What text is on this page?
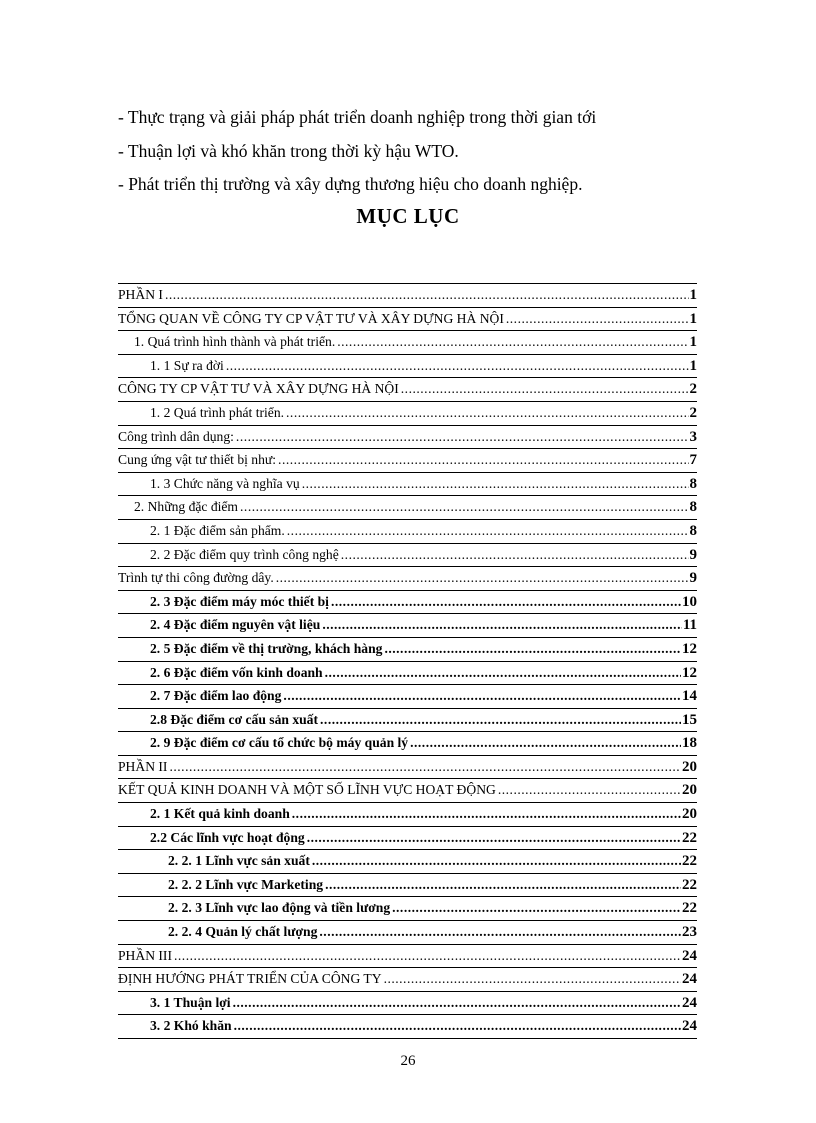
- Thực trạng và giải pháp phát triển doanh nghiệp trong thời gian tới

- Thuận lợi và khó khăn trong thời kỳ hậu WTO.

- Phát triển thị trường và xây dựng thương hiệu cho doanh nghiệp.

MỤC LỤC
PHẦN I .....	1
TỔNG QUAN VỀ CÔNG TY CP VẬT TƯ VÀ XÂY DỰNG HÀ NỘI .....	1
1. Quá trình hình thành và phát triển. .....	1
1. 1 Sự ra đời .....	1
CÔNG TY CP VẬT TƯ VÀ XÂY DỰNG HÀ NỘI .....	2
1. 2 Quá trình phát triển. .....	2
Công trình dân dụng: .....	3
Cung ứng vật tư thiết bị như: .....	7
1. 3 Chức năng và nghĩa vụ .....	8
2. Những đặc điểm .....	8
2. 1 Đặc điểm sản phẩm. .....	8
2. 2 Đặc điểm quy trình công nghệ .....	9
Trình tự thi công đường dây. .....	9
2. 3 Đặc điểm máy móc thiết bị .....	10
2. 4 Đặc điểm nguyên vật liệu .....	11
2. 5 Đặc điểm về thị trường, khách hàng .....	12
2. 6 Đặc điểm vốn kinh doanh .....	12
2. 7 Đặc điểm lao động .....	14
2.8 Đặc điểm cơ cấu sản xuất .....	15
2. 9 Đặc điểm cơ cấu tổ chức bộ máy quản lý .....	18
PHẦN II .....	20
KẾT QUẢ KINH DOANH VÀ MỘT SỐ LĨNH VỰC HOẠT ĐỘNG .....	20
2. 1 Kết quả kinh doanh .....	20
2.2 Các lĩnh vực hoạt động .....	22
2. 2. 1 Lĩnh vực sản xuất .....	22
2. 2. 2 Lĩnh vực Marketing .....	22
2. 2. 3 Lĩnh vực lao động và tiền lương .....	22
2. 2. 4 Quản lý chất lượng .....	23
PHẦN III .....	24
ĐỊNH HƯỚNG PHÁT TRIỂN CỦA CÔNG TY .....	24
3. 1 Thuận lợi .....	24
3. 2 Khó khăn .....	24
26
